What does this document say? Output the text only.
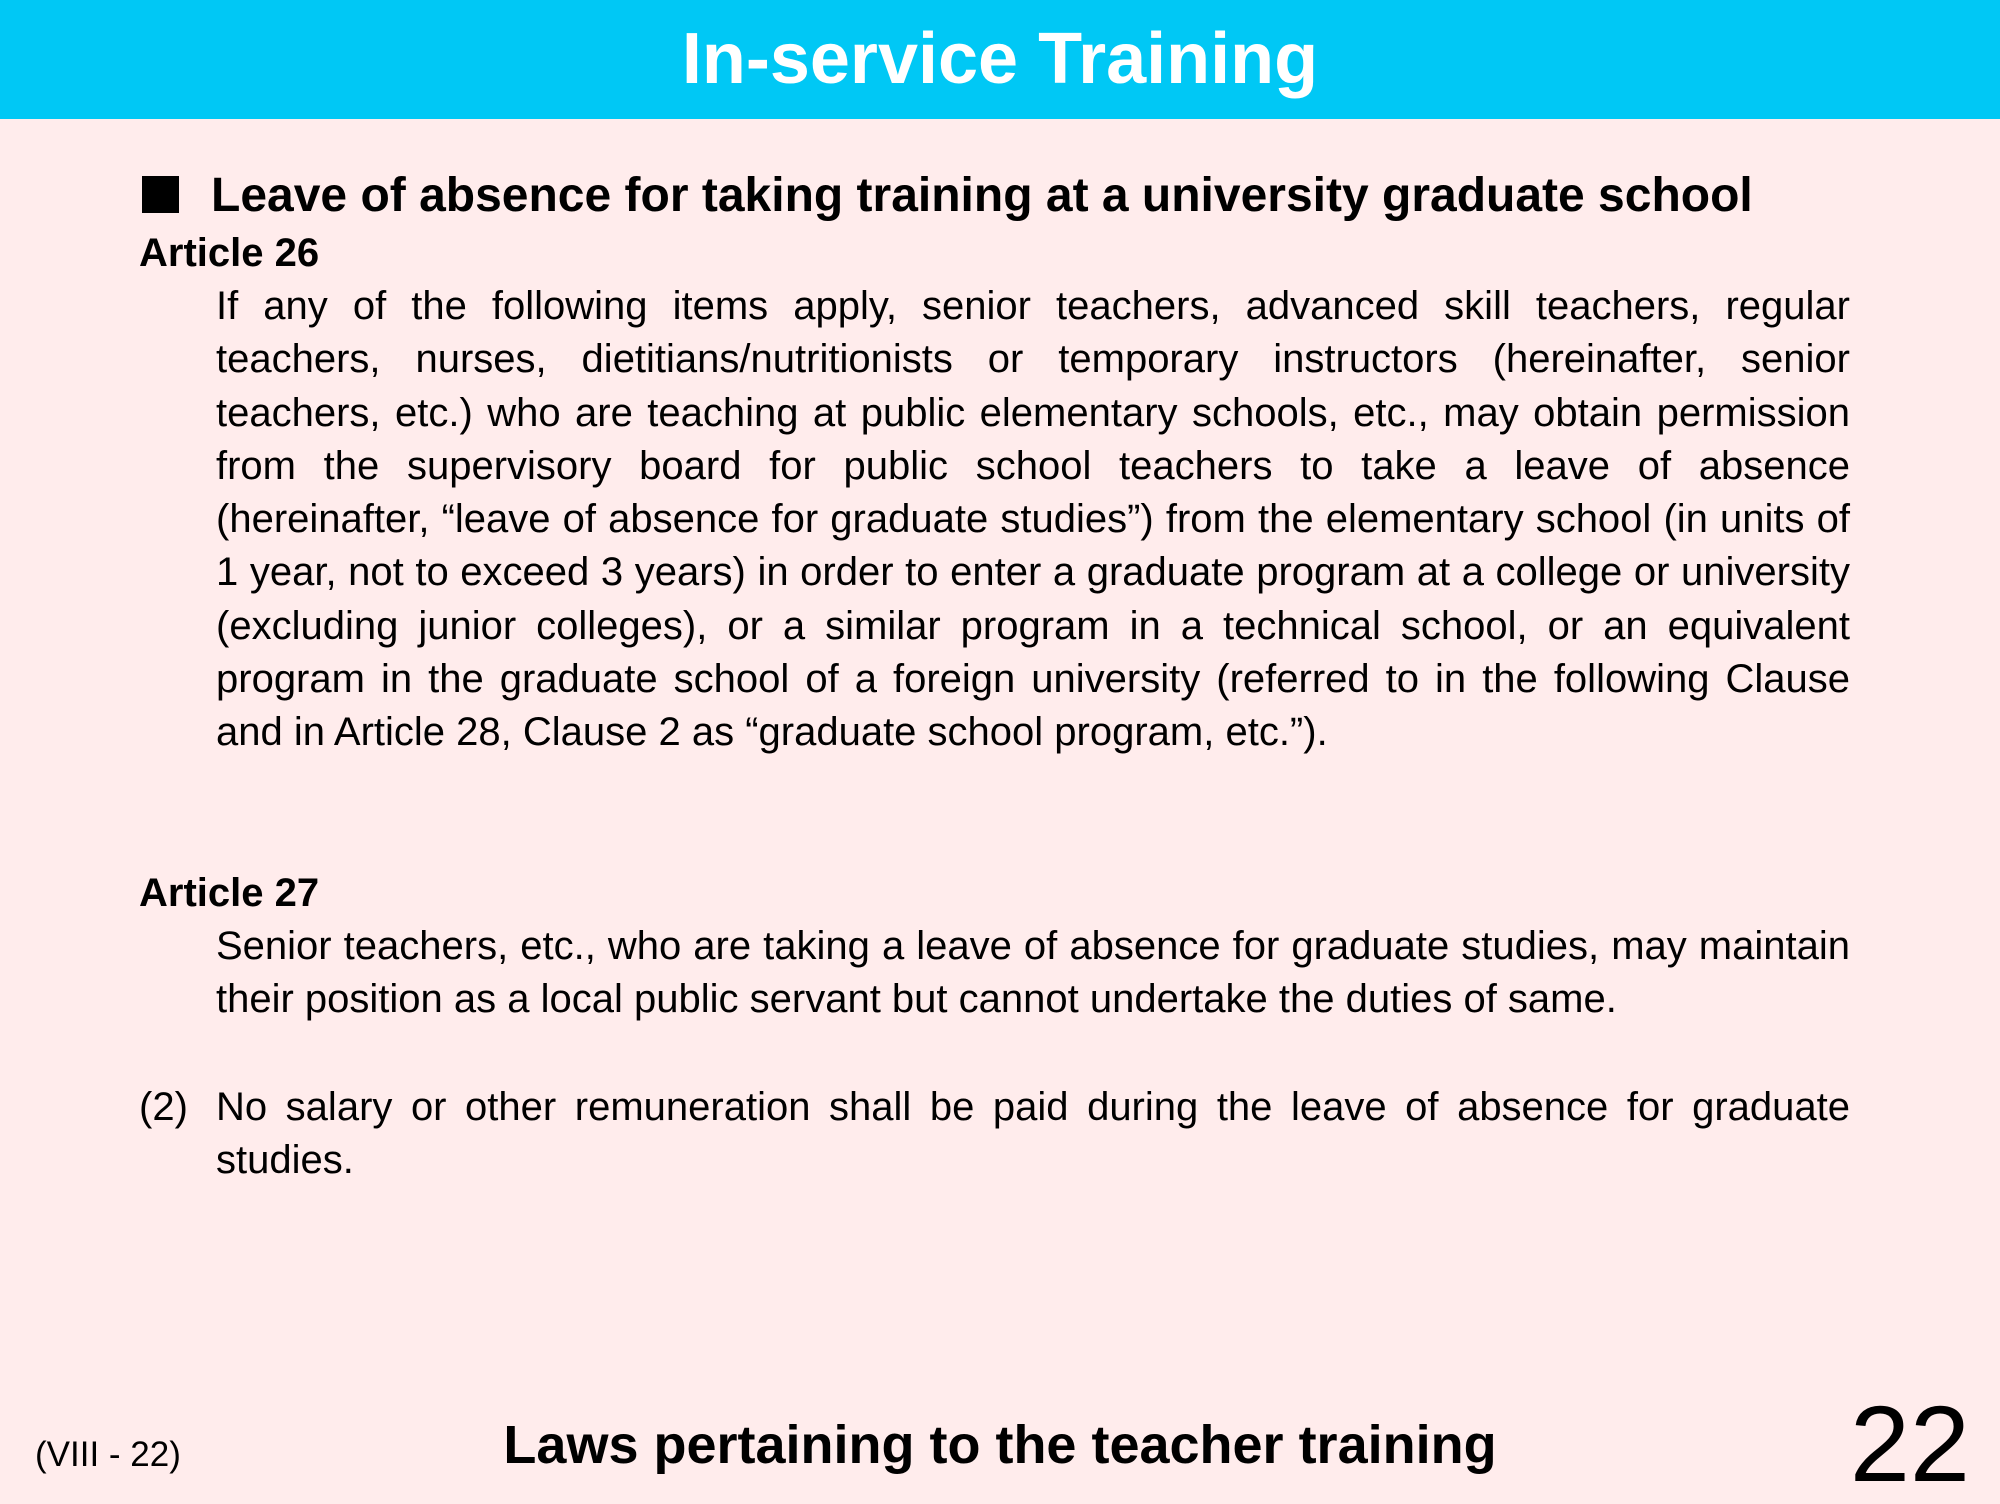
In-service Training
Leave of absence for taking training at a university graduate school
Article 26

If any of the following items apply, senior teachers, advanced skill teachers, regular teachers, nurses, dietitians/nutritionists or temporary instructors (hereinafter, senior teachers, etc.) who are teaching at public elementary schools, etc., may obtain permission from the supervisory board for public school teachers to take a leave of absence (hereinafter, “leave of absence for graduate studies”) from the elementary school (in units of 1 year, not to exceed 3 years) in order to enter a graduate program at a college or university (excluding junior colleges), or a similar program in a technical school, or an equivalent program in the graduate school of a foreign university (referred to in the following Clause and in Article 28, Clause 2 as “graduate school program, etc.”).

Article 27

Senior teachers, etc., who are taking a leave of absence for graduate studies, may maintain their position as a local public servant but cannot undertake the duties of same.

(2) No salary or other remuneration shall be paid during the leave of absence for graduate studies.

(VIII - 22)	Laws pertaining to the teacher training	22
